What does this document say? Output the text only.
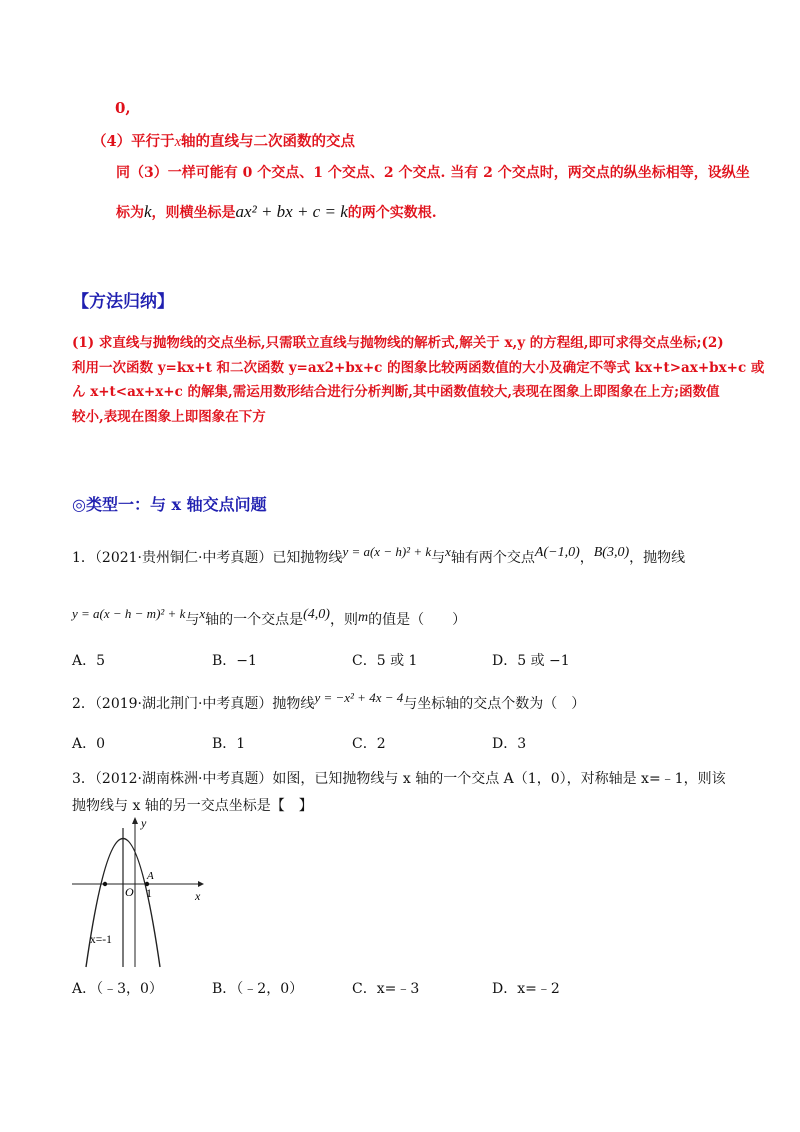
0,
（4）平行于x轴的直线与二次函数的交点
同（3）一样可能有 0 个交点、1 个交点、2 个交点. 当有 2 个交点时，两交点的纵坐标相等，设纵坐
标为k，则横坐标是ax² + bx + c = k的两个实数根.
【方法归纳】

(1) 求直线与抛物线的交点坐标,只需联立直线与抛物线的解析式,解关于 x,y 的方程组,即可求得交点坐标;(2)

利用一次函数 y=kx+t 和二次函数 y=ax2+bx+c 的图象比较两函数值的大小及确定不等式 kx+t>ax+bx+c 或

ん x+t<ax+x+c 的解集,需运用数形结合进行分析判断,其中函数值较大,表现在图象上即图象在上方;函数值

较小,表现在图象上即图象在下方

◎类型一：与 x 轴交点问题
1．（2021·贵州铜仁·中考真题）已知抛物线y = a(x − h)² + k与x轴有两个交点A(−1,0)，B(3,0)，抛物线
y = a(x − h − m)² + k与x轴的一个交点是(4,0)，则m的值是（　　）
A．5	B．−1	C．5 或 1	D．5 或 −1
2．（2019·湖北荆门·中考真题）抛物线y = −x² + 4x − 4与坐标轴的交点个数为（　）
A．0	B．1	C．2	D．3
3．（2012·湖南株洲·中考真题）如图，已知抛物线与 x 轴的一个交点 A（1，0），对称轴是 x=﹣1，则该
抛物线与 x 轴的另一交点坐标是【　】
y
x
O
A
1
x=-1
A．（﹣3，0）	B．（﹣2，0）	C．x=﹣3	D．x=﹣2
